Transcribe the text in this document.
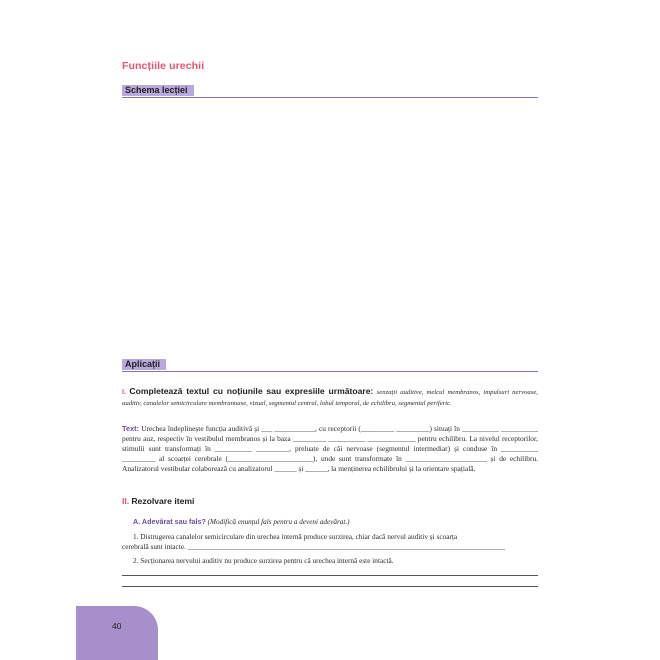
Funcțiile urechii
Schema lecției
Aplicații
I. Completează textul cu noțiunile sau expresiile următoare: senzații auditive, melcul membranos, impulsuri nervoase, auditiv, canalelor semicirculare membranoase, vizual, segmentul central, lobul temporal, de echilibru, segmentul periferic.
Text: Urechea îndeplinește funcția auditivă și ___ ___________, cu receptorii (_________ _________) situați în __________ __________ pentru auz, respectiv în vestibulul membranos și la baza _________ __________ _____________ pentru echilibru. La nivelul receptorilor, stimulii sunt transformați în __________ _________, preluate de căi nervoase (segmentul intermediar) și conduse în __________ _________ al scoarței cerebrale (_______________________), unde sunt transformate în ______________________ și de echilibru. Analizatorul vestibular colaborează cu analizatorul ______ și ______, la menținerea echilibrului și la orientare spațială.
II. Rezolvare itemi
A. Adevărat sau fals? (Modifică enunțul fals pentru a deveni adevărat.)
1. Distrugerea canalelor semicirculare din urechea internă produce surzirea, chiar dacă nervul auditiv și scoarța
cerebrală sunt intacte. _______________________________________________________________________________________
2. Secționarea nervului auditiv nu produce surzirea pentru că urechea internă este intactă.
40
